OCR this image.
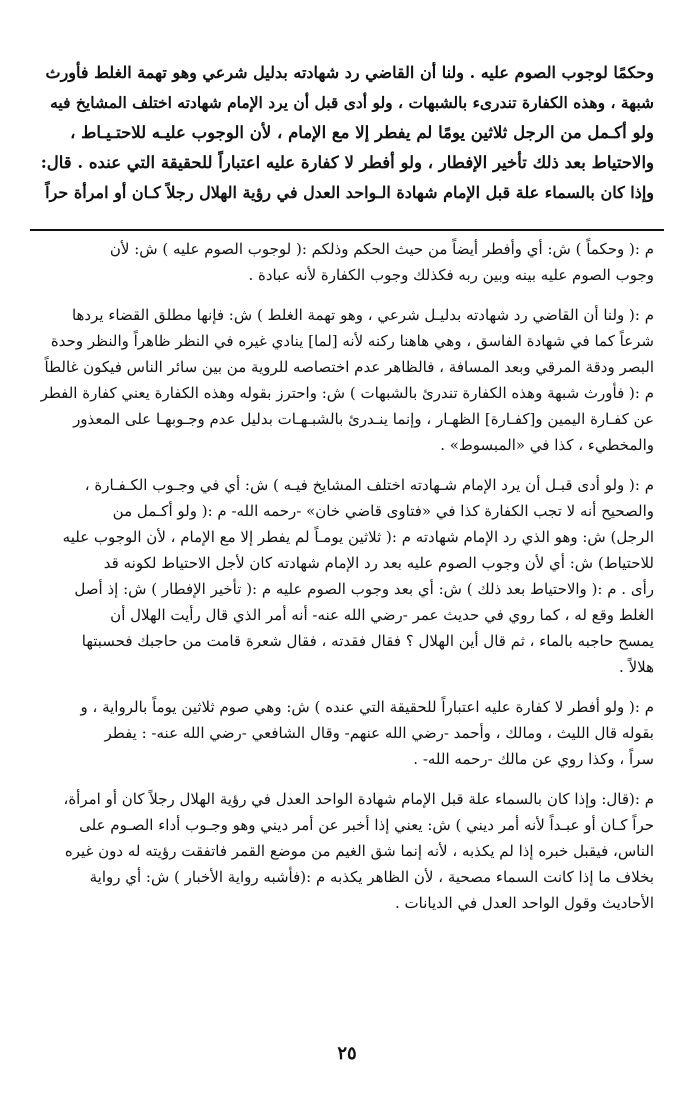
وحكمًا لوجوب الصوم عليه . ولنا أن القاضي رد شهادته بدليل شرعي وهو تهمة الغلط فأورث
شبهة ، وهذه الكفارة تندرىء بالشبهات ، ولو أدى قبل أن يرد الإمام شهادته اختلف المشايخ فيه
ولو أكـمل من الرجل ثلاثين يومًا لم يفطر إلا مع الإمام ، لأن الوجوب عليـه للاحتـيـاط ،
والاحتياط بعد ذلك تأخير الإفطار ، ولو أفطر لا كفارة عليه اعتباراً للحقيقة التي عنده . قال:
وإذا كان بالسماء علة قبل الإمام شهادة الـواحد العدل في رؤية الهلال رجلاً كـان أو امرأة حراً
م :( وحكماً ) ش: أي وأفطر أيضاً من حيث الحكم وذلكم :( لوجوب الصوم عليه ) ش: لأن
وجوب الصوم عليه بينه وبين ربه فكذلك وجوب الكفارة لأنه عبادة .
م :( ولنا أن القاضي رد شهادته بدليـل شرعي ، وهو تهمة الغلط ) ش: فإنها مطلق القضاء يردها
شرعاً كما في شهادة الفاسق ، وهي هاهنا ركنه لأنه [لما] ينادي غيره في النظر ظاهراً والنظر وحدة
البصر ودقة المرقي وبعد المسافة ، فالظاهر عدم اختصاصه للروية من بين سائر الناس فيكون غالطاً
م :( فأورث شبهة وهذه الكفارة تندرئ بالشبهات ) ش: واحترز بقوله وهذه الكفارة يعني كفارة الفطر
عن كفـارة اليمين و[كفـارة] الظهـار ، وإنما ينـدرئ بالشبـهـات بدليل عدم وجـوبهـا على المعذور
والمخطيء ، كذا في «المبسوط» .
م :( ولو أدى قبـل أن يرد الإمام شـهادته اختلف المشايخ فيـه ) ش: أي في وجـوب الكـفـارة ،
والصحيح أنه لا تجب الكفارة كذا في «فتاوى قاضي خان» -رحمه الله- م :( ولو أكـمل من
الرجل) ش: وهو الذي رد الإمام شهادته م :( ثلاثين يومـاً لم يفطر إلا مع الإمام ، لأن الوجوب عليه
للاحتياط) ش: أي لأن وجوب الصوم عليه بعد رد الإمام شهادته كان لأجل الاحتياط لكونه قد
رأى . م :( والاحتياط بعد ذلك ) ش: أي بعد وجوب الصوم عليه م :( تأخير الإفطار ) ش: إذ أصل
الغلط وقع له ، كما روي في حديث عمر -رضي الله عنه- أنه أمر الذي قال رأيت الهلال أن
يمسح حاجبه بالماء ، ثم قال أين الهلال ؟ فقال فقدته ، فقال شعرة قامت من حاجبك فحسبتها
هلالاً .
م :( ولو أفطر لا كفارة عليه اعتباراً للحقيقة التي عنده ) ش: وهي صوم ثلاثين يوماً بالرواية ، و
بقوله قال الليث ، ومالك ، وأحمد -رضي الله عنهم- وقال الشافعي -رضي الله عنه- : يفطر
سراً ، وكذا روي عن مالك -رحمه الله- .
م :(قال: وإذا كان بالسماء علة قبل الإمام شهادة الواحد العدل في رؤية الهلال رجلاً كان أو امرأة،
حراً كـان أو عبـداً لأنه أمر ديني ) ش: يعني إذا أخبر عن أمر ديني وهو وجـوب أداء الصـوم على
الناس، فيقبل خبره إذا لم يكذبه ، لأنه إنما شق الغيم من موضع القمر فاتفقت رؤيته له دون غيره
بخلاف ما إذا كانت السماء مصحية ، لأن الظاهر يكذبه م :(فأشبه رواية الأخبار ) ش: أي رواية
الأحاديث وقول الواحد العدل في الديانات .
٢٥
